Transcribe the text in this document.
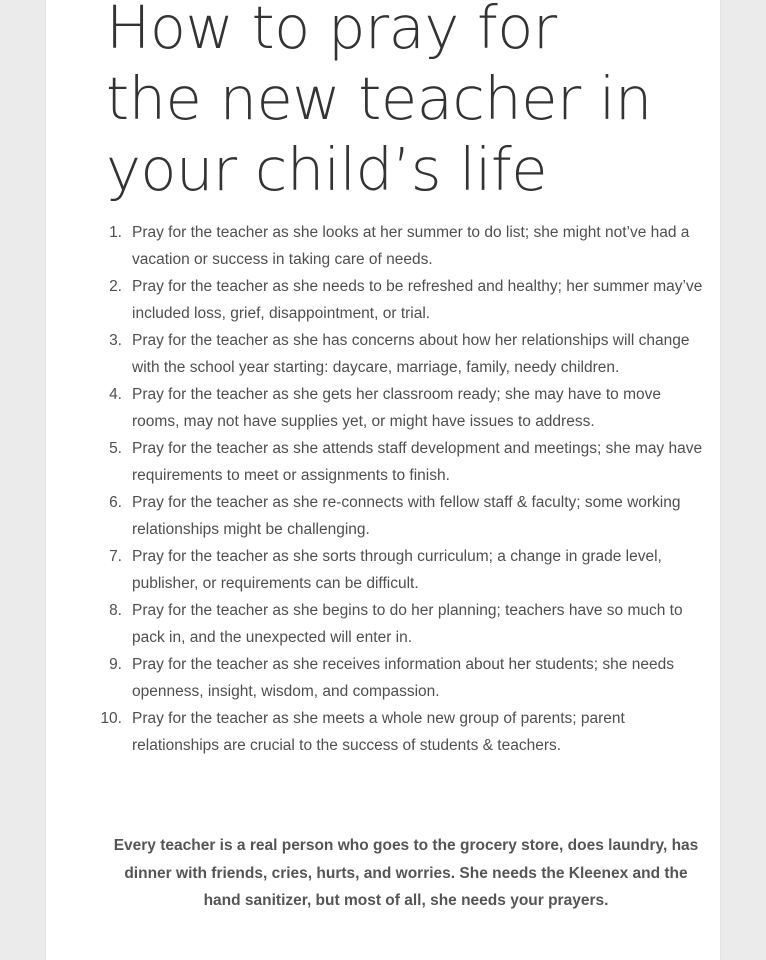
How to pray for
the new teacher in
your child’s life
1. Pray for the teacher as she looks at her summer to do list; she might not’ve had a vacation or success in taking care of needs.
2. Pray for the teacher as she needs to be refreshed and healthy; her summer may’ve included loss, grief, disappointment, or trial.
3. Pray for the teacher as she has concerns about how her relationships will change with the school year starting: daycare, marriage, family, needy children.
4. Pray for the teacher as she gets her classroom ready; she may have to move rooms, may not have supplies yet, or might have issues to address.
5. Pray for the teacher as she attends staff development and meetings; she may have requirements to meet or assignments to finish.
6. Pray for the teacher as she re-connects with fellow staff & faculty; some working relationships might be challenging.
7. Pray for the teacher as she sorts through curriculum; a change in grade level, publisher, or requirements can be difficult.
8. Pray for the teacher as she begins to do her planning; teachers have so much to pack in, and the unexpected will enter in.
9. Pray for the teacher as she receives information about her students; she needs openness, insight, wisdom, and compassion.
10. Pray for the teacher as she meets a whole new group of parents; parent relationships are crucial to the success of students & teachers.

Every teacher is a real person who goes to the grocery store, does laundry, has dinner with friends, cries, hurts, and worries. She needs the Kleenex and the hand sanitizer, but most of all, she needs your prayers.
